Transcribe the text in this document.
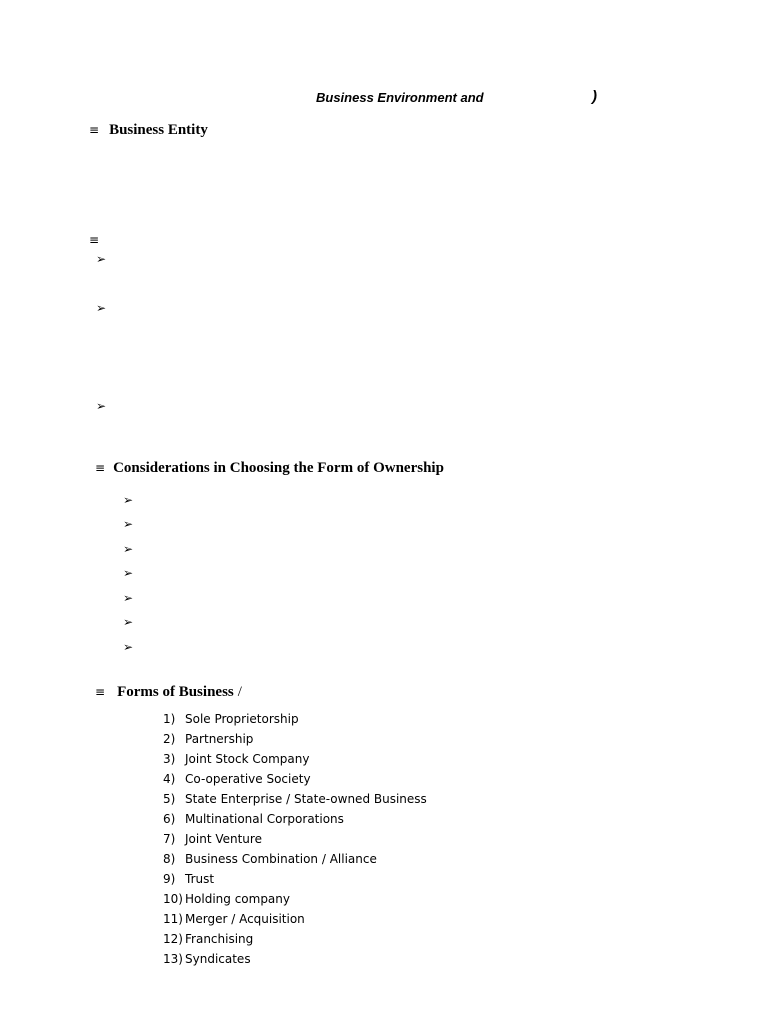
Business Environment and	)
≡ Business Entity
≡
➢
➢
➢
≡ Considerations in Choosing the Form of Ownership
➢
➢
➢
➢
➢
➢
➢
≡ Forms of Business /
1) Sole Proprietorship
2) Partnership
3) Joint Stock Company
4) Co-operative Society
5) State Enterprise / State-owned Business
6) Multinational Corporations
7) Joint Venture
8) Business Combination / Alliance
9) Trust
10) Holding company
11) Merger / Acquisition
12) Franchising
13) Syndicates
